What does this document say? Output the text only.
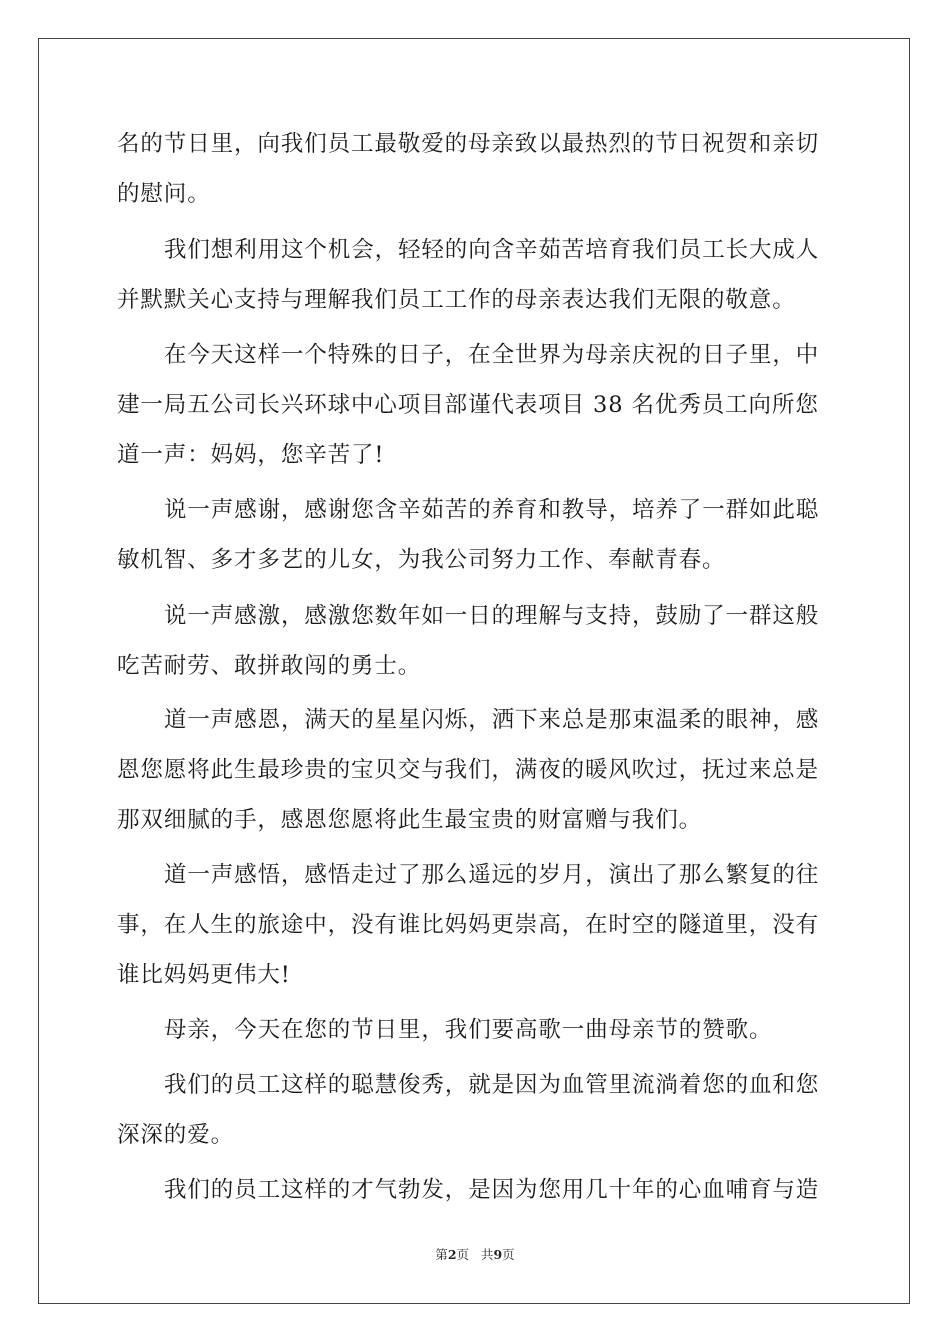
名的节日里，向我们员工最敬爱的母亲致以最热烈的节日祝贺和亲切
的慰问。
我们想利用这个机会，轻轻的向含辛茹苦培育我们员工长大成人
并默默关心支持与理解我们员工工作的母亲表达我们无限的敬意。
在今天这样一个特殊的日子，在全世界为母亲庆祝的日子里，中
建一局五公司长兴环球中心项目部谨代表项目 38 名优秀员工向所您
道一声：妈妈，您辛苦了!
说一声感谢，感谢您含辛茹苦的养育和教导，培养了一群如此聪
敏机智、多才多艺的儿女，为我公司努力工作、奉献青春。
说一声感激，感激您数年如一日的理解与支持，鼓励了一群这般
吃苦耐劳、敢拼敢闯的勇士。
道一声感恩，满天的星星闪烁，洒下来总是那束温柔的眼神，感
恩您愿将此生最珍贵的宝贝交与我们，满夜的暖风吹过，抚过来总是
那双细腻的手，感恩您愿将此生最宝贵的财富赠与我们。
道一声感悟，感悟走过了那么遥远的岁月，演出了那么繁复的往
事，在人生的旅途中，没有谁比妈妈更崇高，在时空的隧道里，没有
谁比妈妈更伟大!
母亲，今天在您的节日里，我们要高歌一曲母亲节的赞歌。
我们的员工这样的聪慧俊秀，就是因为血管里流淌着您的血和您
深深的爱。
我们的员工这样的才气勃发，是因为您用几十年的心血哺育与造
第2页 共9页
